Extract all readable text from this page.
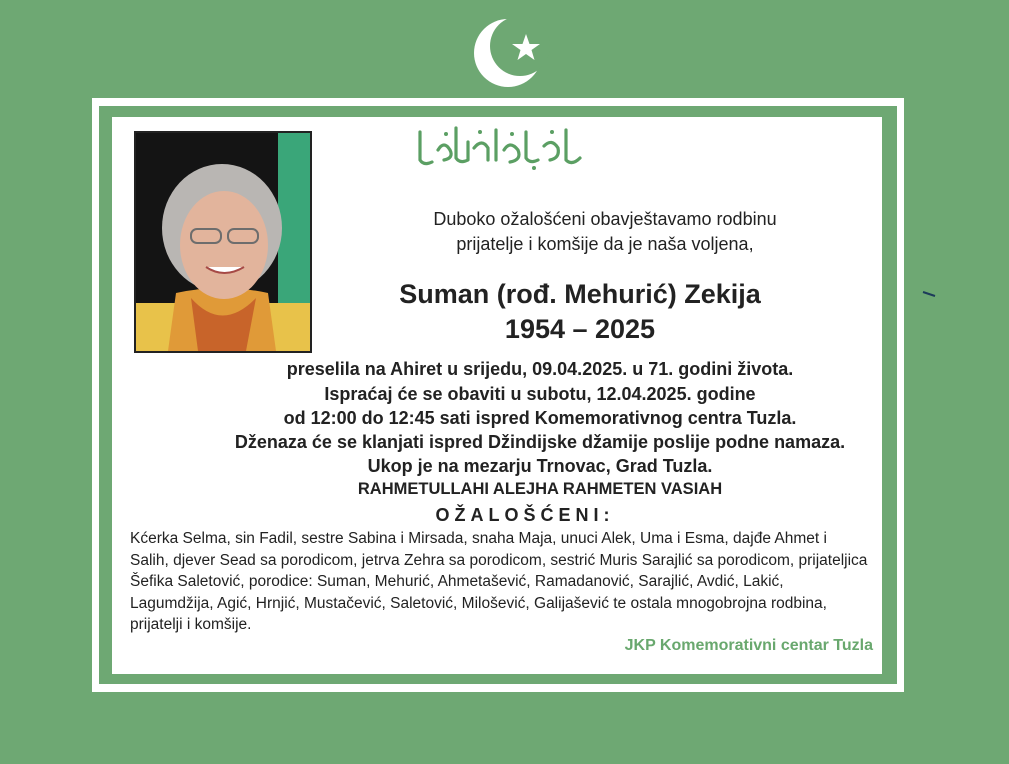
Duboko ožalošćeni obavještavamo rodbinu
prijatelje i komšije da je naša voljena,
Suman (rođ. Mehurić) Zekija
1954 – 2025
preselila na Ahiret u srijedu, 09.04.2025. u 71. godini života.
Ispraćaj će se obaviti u subotu, 12.04.2025. godine
od 12:00 do 12:45 sati ispred Komemorativnog centra Tuzla.
Dženaza će se klanjati ispred Džindijske džamije poslije podne namaza.
Ukop je na mezarju Trnovac, Grad Tuzla.
RAHMETULLAHI ALEJHA RAHMETEN VASIAH
OŽALOŠĆENI:
Kćerka Selma, sin Fadil, sestre Sabina i Mirsada, snaha Maja, unuci Alek, Uma i Esma, dajđe Ahmet i Salih, djever Sead sa porodicom, jetrva Zehra sa porodicom, sestrić Muris Sarajlić sa porodicom, prijateljica Šefika Saletović, porodice: Suman, Mehurić, Ahmetašević, Ramadanović, Sarajlić, Avdić, Lakić, Lagumdžija, Agić, Hrnjić, Mustačević, Saletović, Milošević, Galijašević te ostala mnogobrojna rodbina, prijatelji i komšije.
JKP Komemorativni centar Tuzla
